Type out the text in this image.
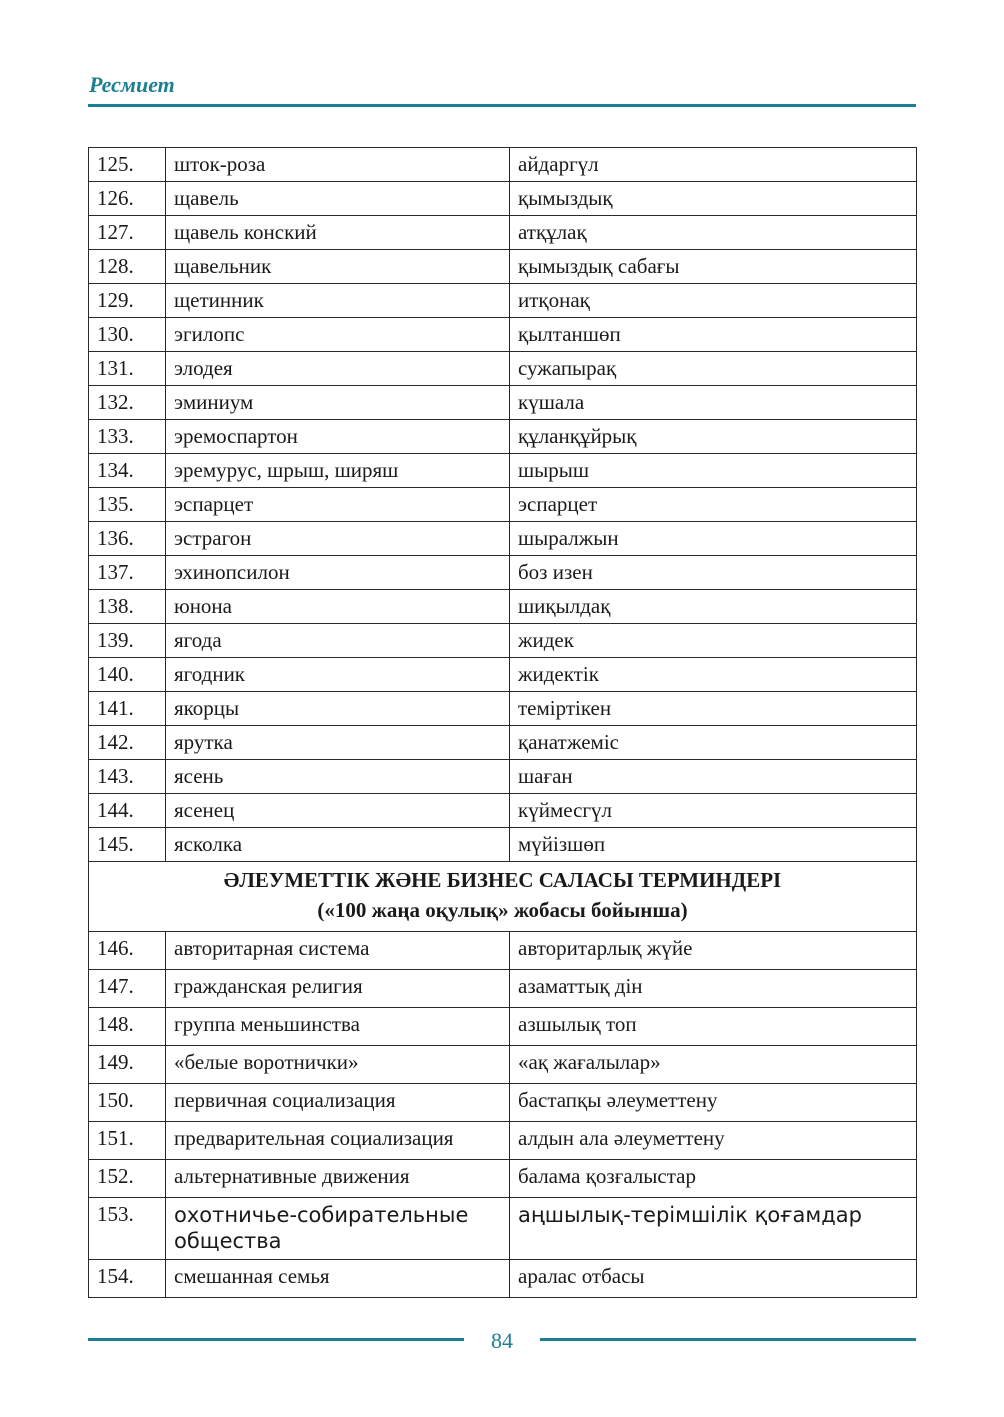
Ресмиет
125.	шток-роза	айдаргүл
126.	щавель	қымыздық
127.	щавель конский	атқұлақ
128.	щавельник	қымыздық сабағы
129.	щетинник	итқонақ
130.	эгилопс	қылтаншөп
131.	элодея	сужапырақ
132.	эминиум	күшала
133.	эремоспартон	құланқұйрық
134.	эремурус, шрыш, ширяш	шырыш
135.	эспарцет	эспарцет
136.	эстрагон	шыралжын
137.	эхинопсилон	боз изен
138.	юнона	шиқылдақ
139.	ягода	жидек
140.	ягодник	жидектік
141.	якорцы	теміртікен
142.	ярутка	қанатжеміс
143.	ясень	шаған
144.	ясенец	күймесгүл
145.	ясколка	мүйізшөп

ӘЛЕУМЕТТІК ЖӘНЕ БИЗНЕС САЛАСЫ ТЕРМИНДЕРІ
(«100 жаңа оқулық» жобасы бойынша)		

146.	авторитарная система	авторитарлық жүйе
147.	гражданская религия	азаматтық дін
148.	группа меньшинства	азшылық топ
149.	«белые воротнички»	«ақ жағалылар»
150.	первичная социализация	бастапқы әлеуметтену
151.	предварительная социализация	алдын ала әлеуметтену
152.	альтернативные движения	балама қозғалыстар
153.	охотничье-собирательные общества	аңшылық-терімшілік қоғамдар
154.	смешанная семья	аралас отбасы
84
